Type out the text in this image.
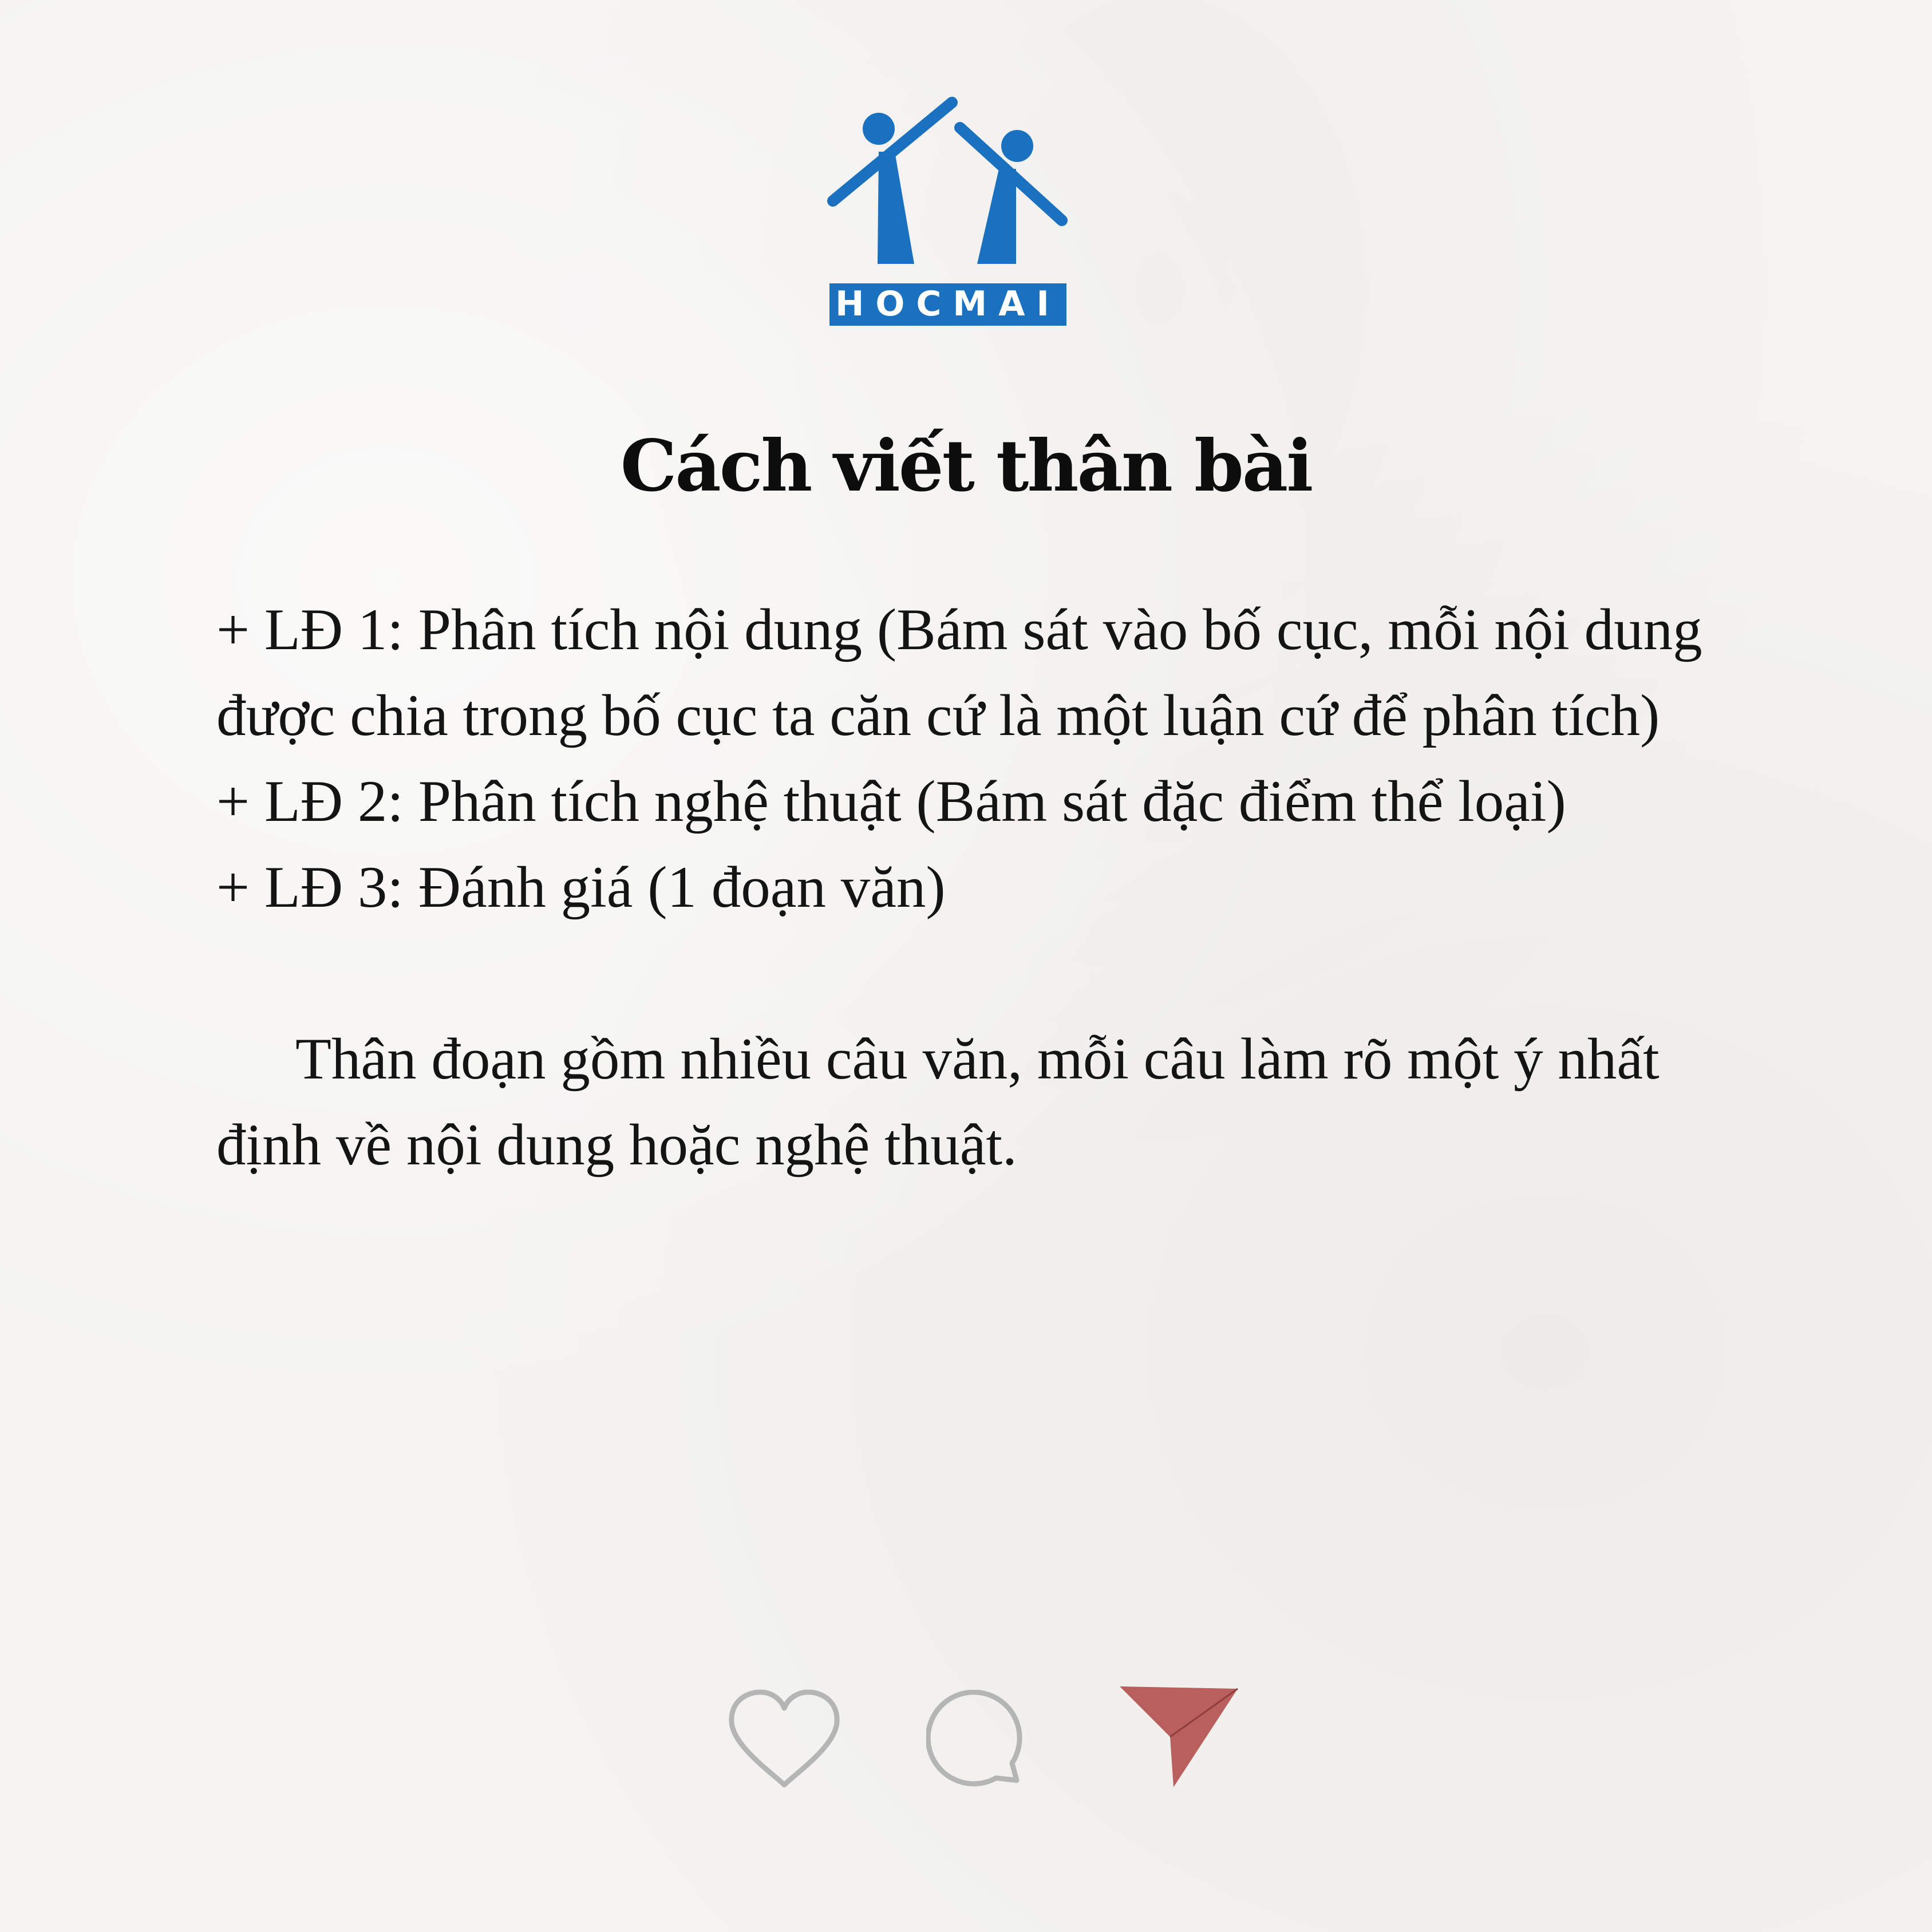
HOCMAI
Cách viết thân bài

+ LĐ 1: Phân tích nội dung (Bám sát vào bố cục, mỗi nội dung được chia trong bố cục ta căn cứ là một luận cứ để phân tích)

+ LĐ 2: Phân tích nghệ thuật (Bám sát đặc điểm thể loại)

+ LĐ 3: Đánh giá (1 đoạn văn)

Thân đoạn gồm nhiều câu văn, mỗi câu làm rõ một ý nhất định về nội dung hoặc nghệ thuật.
